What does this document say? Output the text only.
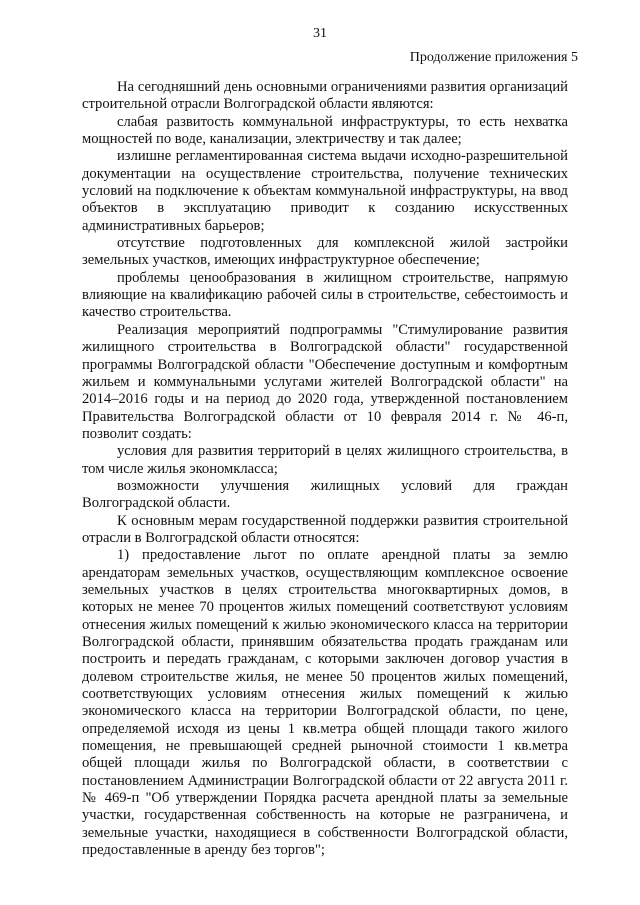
31
Продолжение приложения 5

На сегодняшний день основными ограничениями развития организаций строительной отрасли Волгоградской области являются:

слабая развитость коммунальной инфраструктуры, то есть нехватка мощностей по воде, канализации, электричеству и так далее;

излишне регламентированная система выдачи исходно-разрешительной документации на осуществление строительства, получение технических условий на подключение к объектам коммунальной инфраструктуры, на ввод объектов в эксплуатацию приводит к созданию искусственных административных барьеров;

отсутствие подготовленных для комплексной жилой застройки земельных участков, имеющих инфраструктурное обеспечение;

проблемы ценообразования в жилищном строительстве, напрямую влияющие на квалификацию рабочей силы в строительстве, себестоимость и качество строительства.

Реализация мероприятий подпрограммы "Стимулирование развития жилищного строительства в Волгоградской области" государственной программы Волгоградской области "Обеспечение доступным и комфортным жильем и коммунальными услугами жителей Волгоградской области" на 2014–2016 годы и на период до 2020 года, утвержденной постановлением Правительства Волгоградской области от 10 февраля 2014 г. № 46-п, позволит создать:

условия для развития территорий в целях жилищного строительства, в том числе жилья экономкласса;

возможности улучшения жилищных условий для граждан Волгоградской области.

К основным мерам государственной поддержки развития строительной отрасли в Волгоградской области относятся:

1) предоставление льгот по оплате арендной платы за землю арендаторам земельных участков, осуществляющим комплексное освоение земельных участков в целях строительства многоквартирных домов, в которых не менее 70 процентов жилых помещений соответствуют условиям отнесения жилых помещений к жилью экономического класса на территории Волгоградской области, принявшим обязательства продать гражданам или построить и передать гражданам, с которыми заключен договор участия в долевом строительстве жилья, не менее 50 процентов жилых помещений, соответствующих условиям отнесения жилых помещений к жилью экономического класса на территории Волгоградской области, по цене, определяемой исходя из цены 1 кв.метра общей площади такого жилого помещения, не превышающей средней рыночной стоимости 1 кв.метра общей площади жилья по Волгоградской области, в соответствии с постановлением Администрации Волгоградской области от 22 августа 2011 г. № 469-п "Об утверждении Порядка расчета арендной платы за земельные участки, государственная собственность на которые не разграничена, и земельные участки, находящиеся в собственности Волгоградской области, предоставленные в аренду без торгов";
